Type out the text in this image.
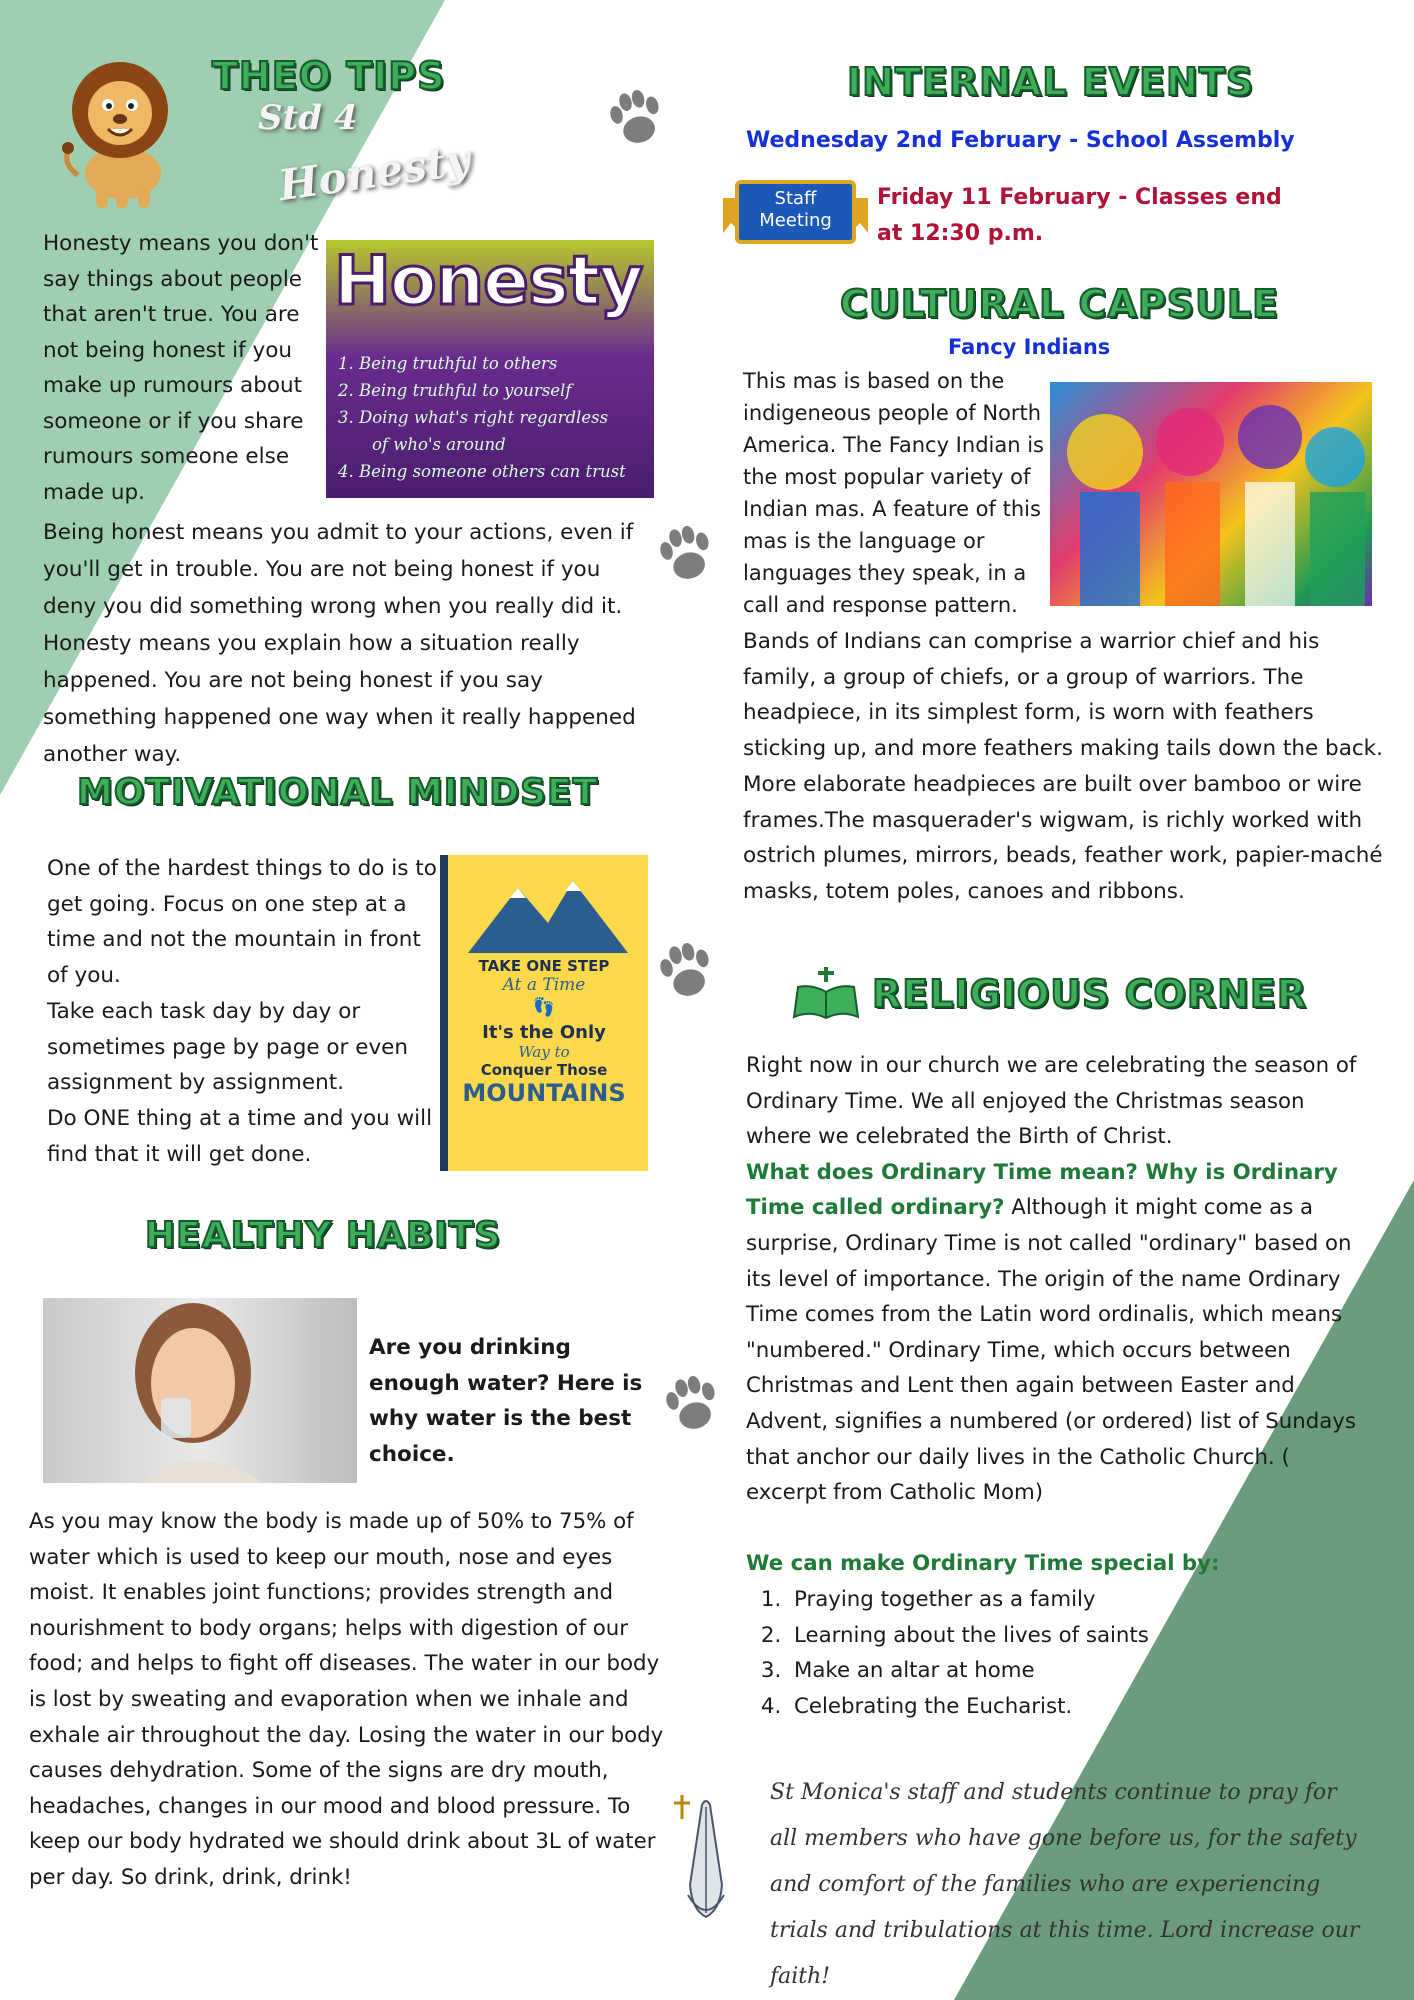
THEO TIPS
Std 4
Honesty
Honesty means you don't say things about people that aren't true. You are not being honest if you make up rumours about someone or if you share rumours someone else made up.
Honesty
1. Being truthful to others
2. Being truthful to yourself
3. Doing what's right regardless
of who's around
4. Being someone others can trust
Being honest means you admit to your actions, even if you'll get in trouble. You are not being honest if you deny you did something wrong when you really did it.
Honesty means you explain how a situation really happened. You are not being honest if you say something happened one way when it really happened another way.
MOTIVATIONAL MINDSET
One of the hardest things to do is to get going. Focus on one step at a time and not the mountain in front of you.
Take each task day by day or sometimes page by page or even assignment by assignment.
Do ONE thing at a time and you will find that it will get done.
TAKE ONE STEP
At a Time
👣
It's the Only
Way to
Conquer Those
MOUNTAINS
HEALTHY HABITS
Are you drinking enough water? Here is why water is the best choice.
As you may know the body is made up of 50% to 75% of water which is used to keep our mouth, nose and eyes moist. It enables joint functions; provides strength and nourishment to body organs; helps with digestion of our food; and helps to fight off diseases. The water in our body is lost by sweating and evaporation when we inhale and exhale air throughout the day. Losing the water in our body causes dehydration. Some of the signs are dry mouth, headaches, changes in our mood and blood pressure. To keep our body hydrated we should drink about 3L of water per day. So drink, drink, drink!
INTERNAL EVENTS
Wednesday 2nd February - School Assembly
Staff
Meeting
Friday 11 February - Classes end
at 12:30 p.m.
CULTURAL CAPSULE
Fancy Indians
This mas is based on the indigeneous people of North America. The Fancy Indian is the most popular variety of Indian mas. A feature of this mas is the language or languages they speak, in a call and response pattern.
Bands of Indians can comprise a warrior chief and his family, a group of chiefs, or a group of warriors. The headpiece, in its simplest form, is worn with feathers sticking up, and more feathers making tails down the back. More elaborate headpieces are built over bamboo or wire frames.The masquerader's wigwam, is richly worked with ostrich plumes, mirrors, beads, feather work, papier-maché masks, totem poles, canoes and ribbons.
RELIGIOUS CORNER
Right now in our church we are celebrating the season of Ordinary Time. We all enjoyed the Christmas season where we celebrated the Birth of Christ.
What does Ordinary Time mean? Why is Ordinary Time called ordinary? Although it might come as a surprise, Ordinary Time is not called "ordinary" based on its level of importance. The origin of the name Ordinary Time comes from the Latin word ordinalis, which means "numbered." Ordinary Time, which occurs between Christmas and Lent then again between Easter and Advent, signifies a numbered (or ordered) list of Sundays that anchor our daily lives in the Catholic Church. ( excerpt from Catholic Mom)
We can make Ordinary Time special by:
1. Praying together as a family
2. Learning about the lives of saints
3. Make an altar at home
4. Celebrating the Eucharist.
St Monica's staff and students continue to pray for all members who have gone before us, for the safety and comfort of the families who are experiencing trials and tribulations at this time. Lord increase our faith!
